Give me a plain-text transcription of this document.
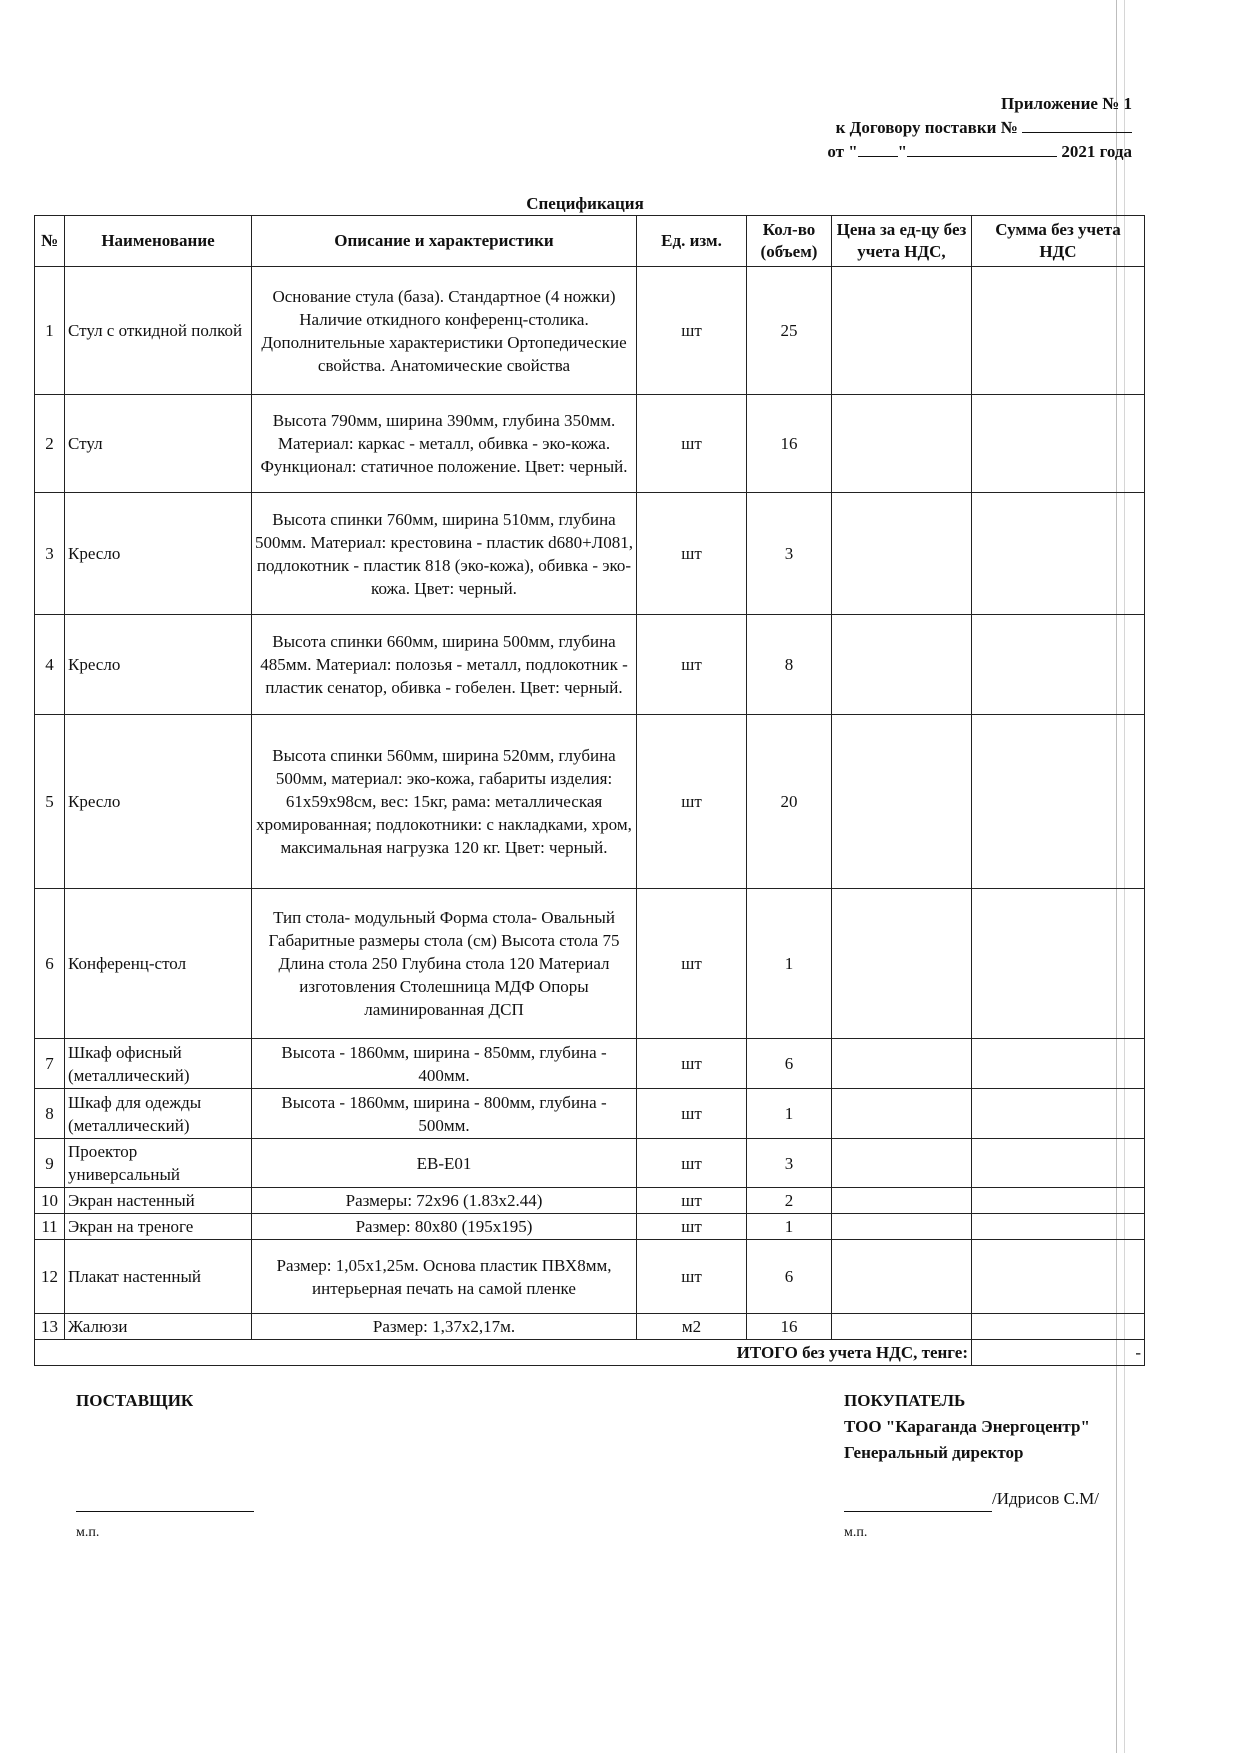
Приложение № 1
к Договору поставки №
от " "	2021 года
Спецификация
№	Наименование	Описание и характеристики	Ед. изм.	Кол-во (объем)	Цена за ед-цу без учета НДС,	Сумма без учета НДС
1	Стул с откидной полкой	Основание стула (база). Стандартное (4 ножки) Наличие откидного конференц-столика. Дополнительные характеристики Ортопедические свойства. Анатомические свойства	шт	25		
2	Стул	Высота 790мм, ширина 390мм, глубина 350мм. Материал: каркас - металл, обивка - эко-кожа. Функционал: статичное положение. Цвет: черный.	шт	16		
3	Кресло	Высота спинки 760мм, ширина 510мм, глубина 500мм. Материал: крестовина - пластик d680+Л081, подлокотник - пластик 818 (эко-кожа), обивка - эко-кожа. Цвет: черный.	шт	3		
4	Кресло	Высота спинки 660мм, ширина 500мм, глубина 485мм. Материал: полозья - металл, подлокотник - пластик сенатор, обивка - гобелен. Цвет: черный.	шт	8		
5	Кресло	Высота спинки 560мм, ширина 520мм, глубина 500мм, материал: эко-кожа, габариты изделия: 61х59х98см, вес: 15кг, рама: металлическая хромированная; подлокотники: с накладками, хром, максимальная нагрузка 120 кг. Цвет: черный.	шт	20		
6	Конференц-стол	Тип стола- модульный Форма стола- Овальный Габаритные размеры стола (см) Высота стола 75 Длина стола 250 Глубина стола 120 Материал изготовления Столешница МДФ Опоры ламинированная ДСП	шт	1		
7	Шкаф офисный (металлический)	Высота - 1860мм, ширина - 850мм, глубина - 400мм.	шт	6		
8	Шкаф для одежды (металлический)	Высота - 1860мм, ширина - 800мм, глубина - 500мм.	шт	1		
9	Проектор универсальный	EB-E01	шт	3		
10	Экран настенный	Размеры: 72х96 (1.83х2.44)	шт	2		
11	Экран на треноге	Размер: 80х80 (195х195)	шт	1		
12	Плакат настенный	Размер: 1,05х1,25м. Основа пластик ПВХ8мм, интерьерная печать на самой пленке	шт	6		
13	Жалюзи	Размер: 1,37х2,17м.	м2	16		
ИТОГО без учета НДС, тенге:						-
ПОСТАВЩИК
м.п.
ПОКУПАТЕЛЬ
ТОО "Караганда Энергоцентр"
Генеральный директор
/Идрисов С.М/
м.п.
